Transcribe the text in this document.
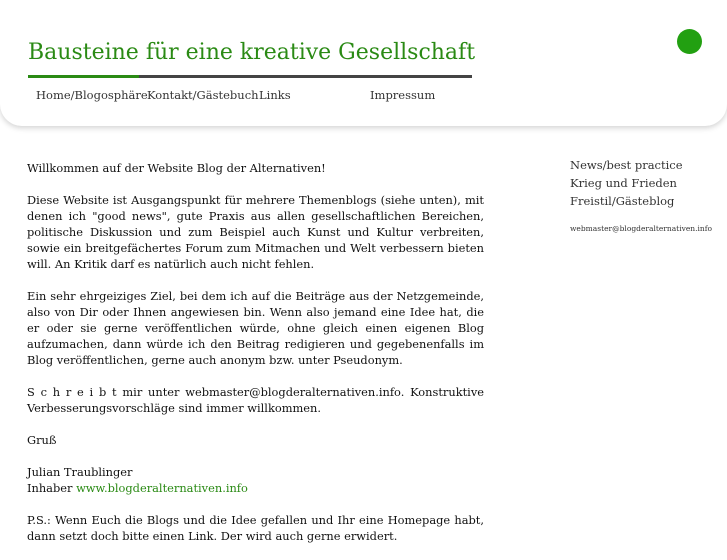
Bausteine für eine kreative Gesellschaft
Home/Blogosphäre Kontakt/Gästebuch Links	Impressum

Willkommen auf der Website Blog der Alternativen!

Diese Website ist Ausgangspunkt für mehrere Themenblogs (siehe unten), mit denen ich "good news", gute Praxis aus allen gesellschaftlichen Bereichen, politische Diskussion und zum Beispiel auch Kunst und Kultur verbreiten, sowie ein breitgefächertes Forum zum Mitmachen und Welt verbessern bieten will. An Kritik darf es natürlich auch nicht fehlen.

Ein sehr ehrgeiziges Ziel, bei dem ich auf die Beiträge aus der Netzgemeinde, also von Dir oder Ihnen angewiesen bin. Wenn also jemand eine Idee hat, die er oder sie gerne veröffentlichen würde, ohne gleich einen eigenen Blog aufzumachen, dann würde ich den Beitrag redigieren und gegebenenfalls im Blog veröffentlichen, gerne auch anonym bzw. unter Pseudonym.

S c h r e i b t mir unter webmaster@blogderalternativen.info. Konstruktive Verbesserungsvorschläge sind immer willkommen.

Gruß

Julian Traublinger

Inhaber www.blogderalternativen.info

P.S.: Wenn Euch die Blogs und die Idee gefallen und Ihr eine Homepage habt, dann setzt doch bitte einen Link. Der wird auch gerne erwidert.

News/best practice
Krieg und Frieden
Freistil/Gästeblog
webmaster@blogderalternativen.info
